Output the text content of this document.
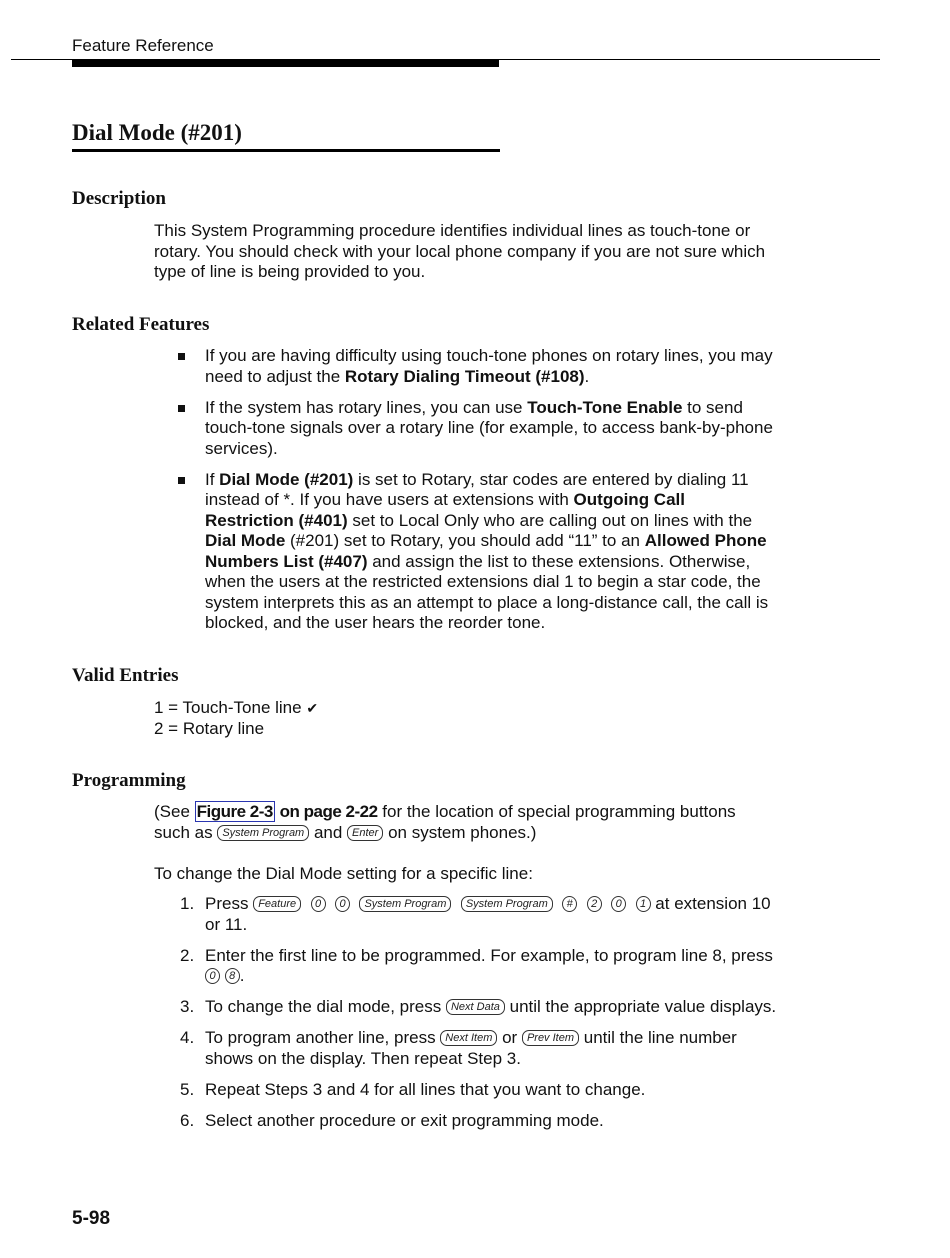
Feature Reference
Dial Mode (#201)
Description

This System Programming procedure identifies individual lines as touch-tone or rotary. You should check with your local phone company if you are not sure which type of line is being provided to you.

Related Features
If you are having difficulty using touch-tone phones on rotary lines, you may need to adjust the Rotary Dialing Timeout (#108).
If the system has rotary lines, you can use Touch-Tone Enable to send touch-tone signals over a rotary line (for example, to access bank-by-phone services).
If Dial Mode (#201) is set to Rotary, star codes are entered by dialing 11 instead of *. If you have users at extensions with Outgoing Call Restriction (#401) set to Local Only who are calling out on lines with the Dial Mode (#201) set to Rotary, you should add “11” to an Allowed Phone Numbers List (#407) and assign the list to these extensions. Otherwise, when the users at the restricted extensions dial 1 to begin a star code, the system interprets this as an attempt to place a long-distance call, the call is blocked, and the user hears the reorder tone.
Valid Entries
1 = Touch-Tone line ✔
2 = Rotary line
Programming

(See Figure 2-3 on page 2-22 for the location of special programming buttons such as System Program and Enter on system phones.)

To change the Dial Mode setting for a specific line:

1. Press Feature 0 0 System Program System Program # 2 0 1 at extension 10 or 11.
2. Enter the first line to be programmed. For example, to program line 8, press 0 8 .
3. To change the dial mode, press Next Data until the appropriate value displays.
4. To program another line, press Next Item or Prev Item until the line number shows on the display. Then repeat Step 3.
5. Repeat Steps 3 and 4 for all lines that you want to change.
6. Select another procedure or exit programming mode.
5-98
